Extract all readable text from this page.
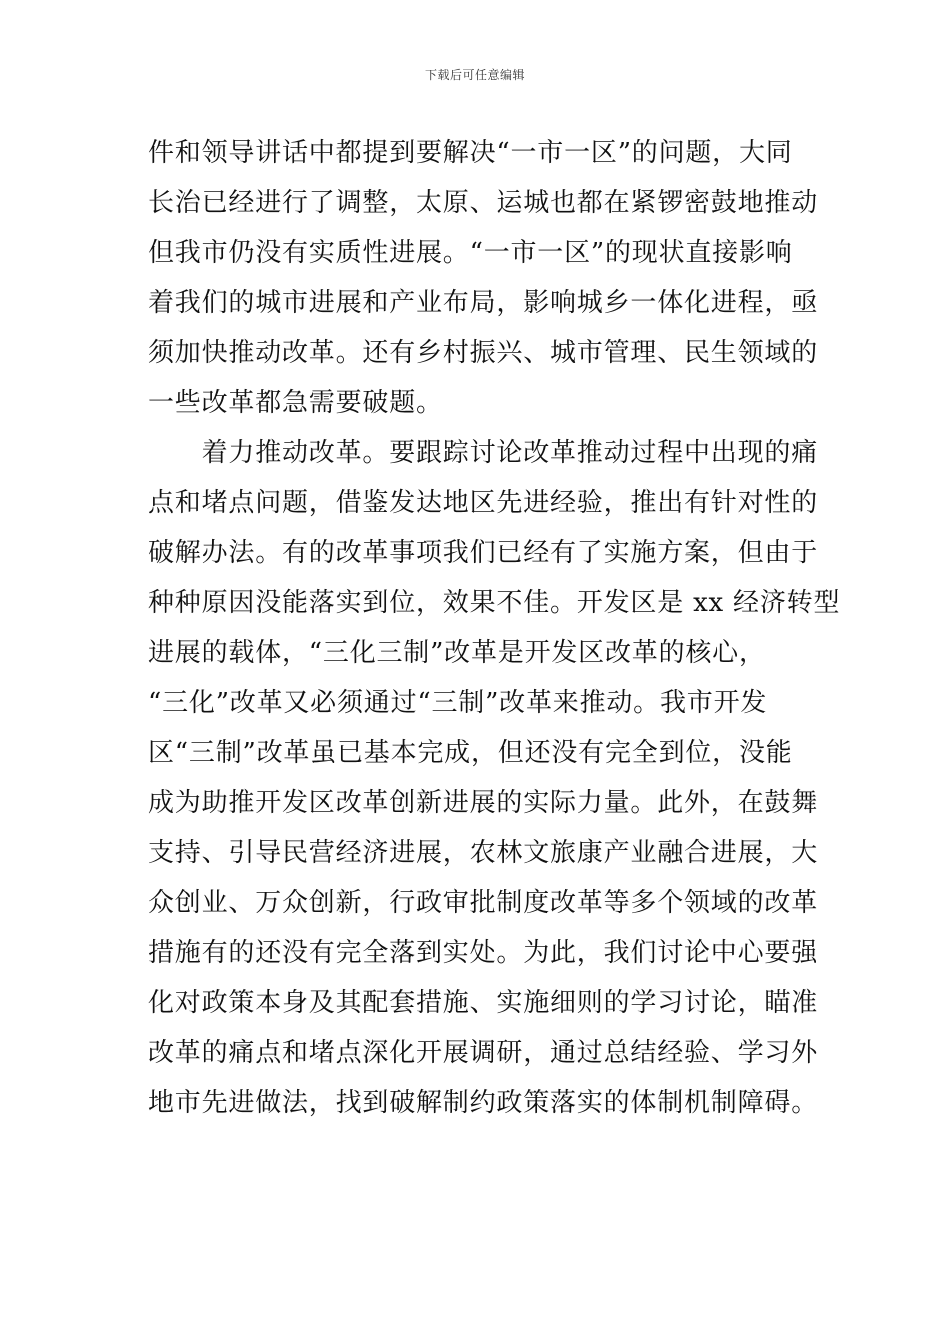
下载后可任意编辑
件和领导讲话中都提到要解决“一市一区”的问题，大同
长治已经进行了调整，太原、运城也都在紧锣密鼓地推动
但我市仍没有实质性进展。“一市一区”的现状直接影响
着我们的城市进展和产业布局，影响城乡一体化进程，亟
须加快推动改革。还有乡村振兴、城市管理、民生领域的
一些改革都急需要破题。
　　着力推动改革。要跟踪讨论改革推动过程中出现的痛
点和堵点问题，借鉴发达地区先进经验，推出有针对性的
破解办法。有的改革事项我们已经有了实施方案，但由于
种种原因没能落实到位，效果不佳。开发区是 xx 经济转型
进展的载体，“三化三制”改革是开发区改革的核心，
“三化”改革又必须通过“三制”改革来推动。我市开发
区“三制”改革虽已基本完成，但还没有完全到位，没能
成为助推开发区改革创新进展的实际力量。此外，在鼓舞
支持、引导民营经济进展，农林文旅康产业融合进展，大
众创业、万众创新，行政审批制度改革等多个领域的改革
措施有的还没有完全落到实处。为此，我们讨论中心要强
化对政策本身及其配套措施、实施细则的学习讨论，瞄准
改革的痛点和堵点深化开展调研，通过总结经验、学习外
地市先进做法，找到破解制约政策落实的体制机制障碍。
